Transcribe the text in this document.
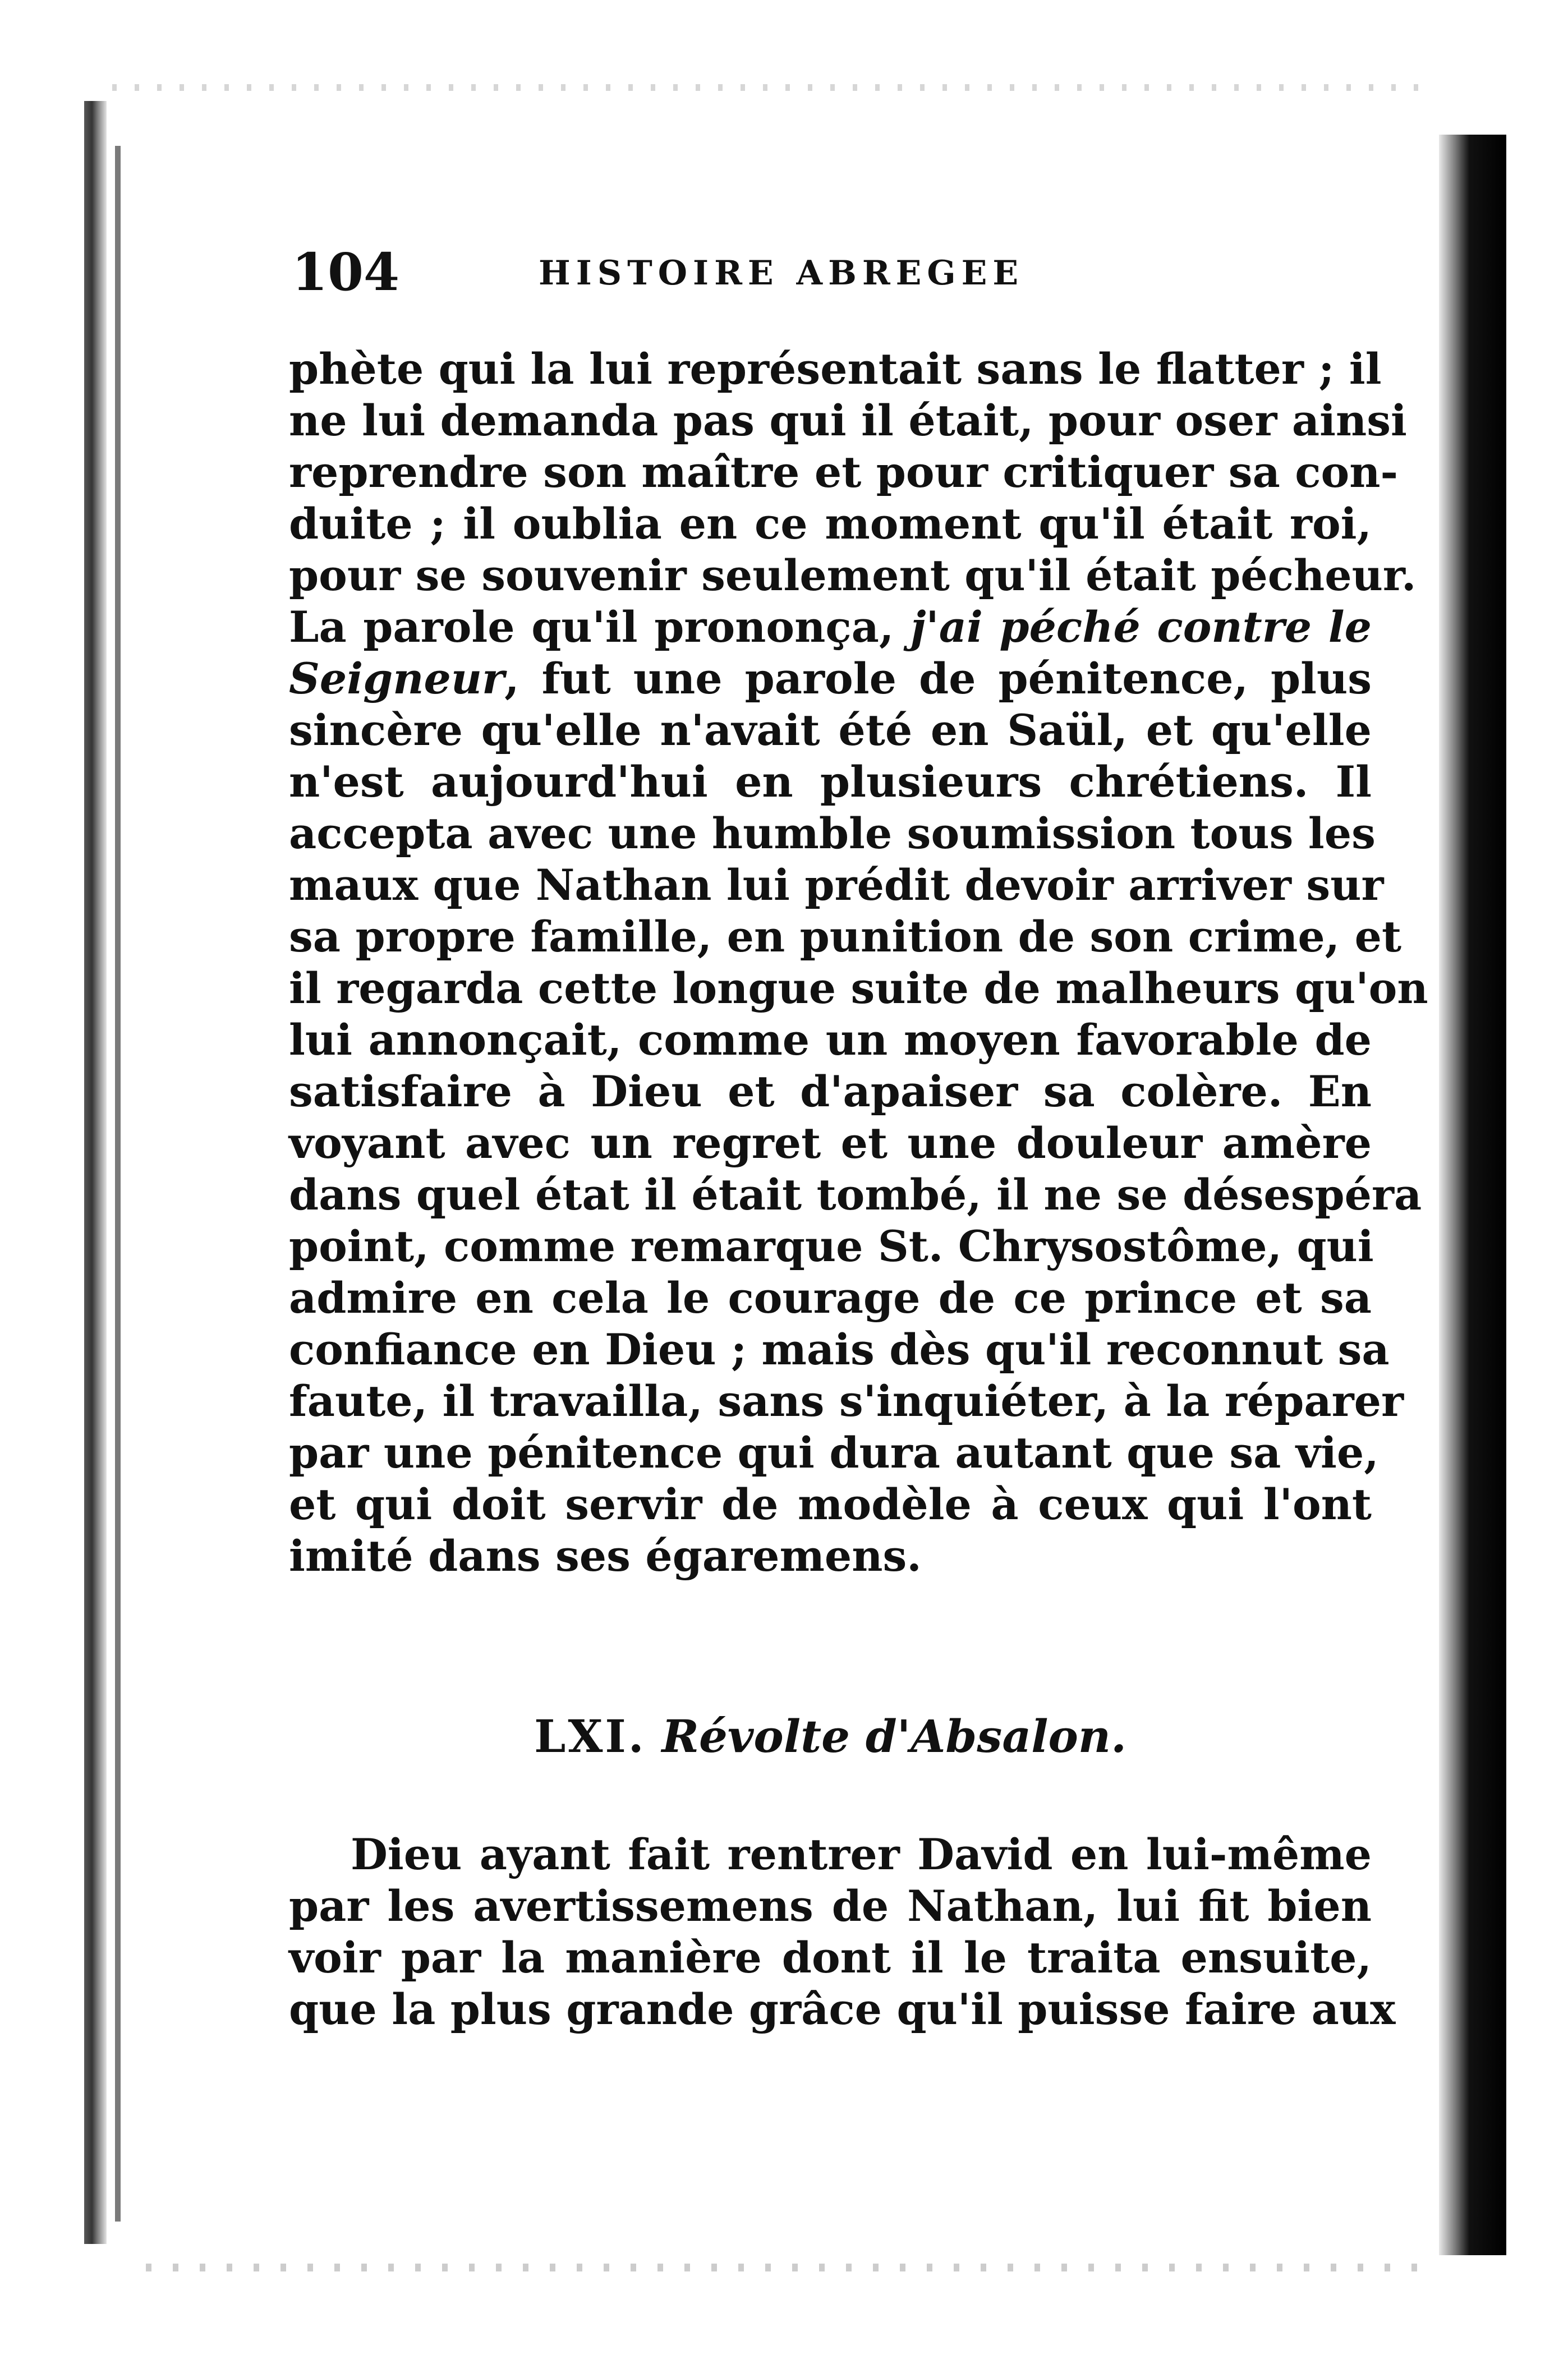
104	HISTOIRE ABREGEE
phète qui la lui représentait sans le flatter ; il
ne lui demanda pas qui il était, pour oser ainsi
reprendre son maître et pour critiquer sa con-
duite ; il oublia en ce moment qu'il était roi,
pour se souvenir seulement qu'il était pécheur.
La parole qu'il prononça, j'ai péché contre le
Seigneur, fut une parole de pénitence, plus
sincère qu'elle n'avait été en Saül, et qu'elle
n'est aujourd'hui en plusieurs chrétiens. Il
accepta avec une humble soumission tous les
maux que Nathan lui prédit devoir arriver sur
sa propre famille, en punition de son crime, et
il regarda cette longue suite de malheurs qu'on
lui annonçait, comme un moyen favorable de
satisfaire à Dieu et d'apaiser sa colère. En
voyant avec un regret et une douleur amère
dans quel état il était tombé, il ne se désespéra
point, comme remarque St. Chrysostôme, qui
admire en cela le courage de ce prince et sa
confiance en Dieu ; mais dès qu'il reconnut sa
faute, il travailla, sans s'inquiéter, à la réparer
par une pénitence qui dura autant que sa vie,
et qui doit servir de modèle à ceux qui l'ont
imité dans ses égaremens.
LXI. Révolte d'Absalon.
Dieu ayant fait rentrer David en lui-même
par les avertissemens de Nathan, lui fit bien
voir par la manière dont il le traita ensuite,
que la plus grande grâce qu'il puisse faire aux
